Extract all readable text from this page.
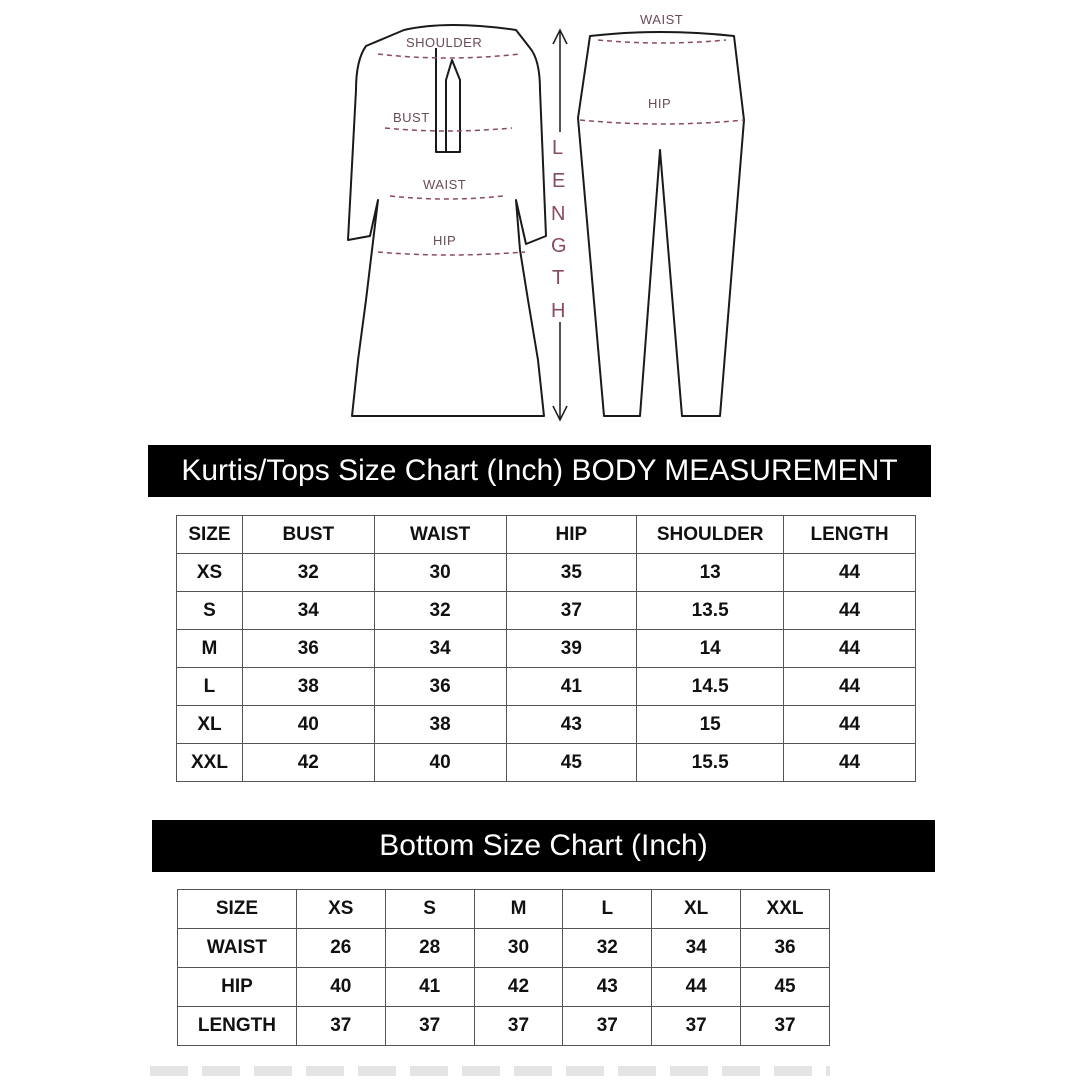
SHOULDER
BUST
WAIST
HIP
L
E
N
G
T
H
WAIST
HIP
Kurtis/Tops Size Chart (Inch) BODY MEASUREMENT
SIZE	BUST	WAIST	HIP	SHOULDER	LENGTH
XS	32	30	35	13	44
S	34	32	37	13.5	44
M	36	34	39	14	44
L	38	36	41	14.5	44
XL	40	38	43	15	44
XXL	42	40	45	15.5	44
Bottom Size Chart (Inch)
SIZE	XS	S	M	L	XL	XXL
WAIST	26	28	30	32	34	36
HIP	40	41	42	43	44	45
LENGTH	37	37	37	37	37	37
